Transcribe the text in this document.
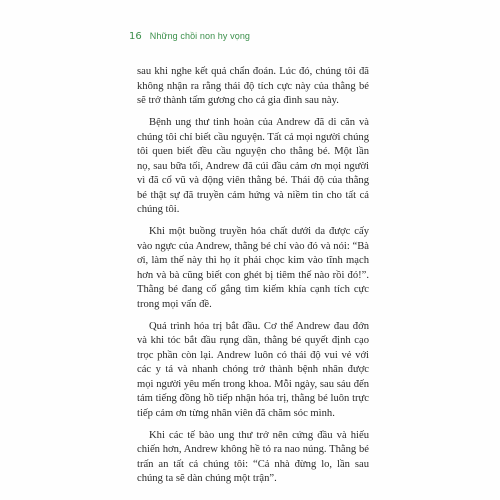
16 Những chồi non hy vọng

sau khi nghe kết quả chẩn đoán. Lúc đó, chúng tôi đã không nhận ra rằng thái độ tích cực này của thằng bé sẽ trở thành tấm gương cho cả gia đình sau này.

Bệnh ung thư tinh hoàn của Andrew đã di căn và chúng tôi chỉ biết cầu nguyện. Tất cả mọi người chúng tôi quen biết đều cầu nguyện cho thằng bé. Một lần nọ, sau bữa tối, Andrew đã cúi đầu cảm ơn mọi người vì đã cổ vũ và động viên thằng bé. Thái độ của thằng bé thật sự đã truyền cảm hứng và niềm tin cho tất cả chúng tôi.

Khi một buồng truyền hóa chất dưới da được cấy vào ngực của Andrew, thằng bé chỉ vào đó và nói: “Bà ơi, làm thế này thì họ ít phải chọc kim vào tĩnh mạch hơn và bà cũng biết con ghét bị tiêm thế nào rồi đó!”. Thằng bé đang cố gắng tìm kiếm khía cạnh tích cực trong mọi vấn đề.

Quá trình hóa trị bắt đầu. Cơ thể Andrew đau đớn và khi tóc bắt đầu rụng dần, thằng bé quyết định cạo trọc phần còn lại. Andrew luôn có thái độ vui vẻ với các y tá và nhanh chóng trở thành bệnh nhân được mọi người yêu mến trong khoa. Mỗi ngày, sau sáu đến tám tiếng đồng hồ tiếp nhận hóa trị, thằng bé luôn trực tiếp cảm ơn từng nhân viên đã chăm sóc mình.

Khi các tế bào ung thư trở nên cứng đầu và hiếu chiến hơn, Andrew không hề tỏ ra nao núng. Thằng bé trấn an tất cả chúng tôi: “Cả nhà đừng lo, lần sau chúng ta sẽ dàn chúng một trận”.
